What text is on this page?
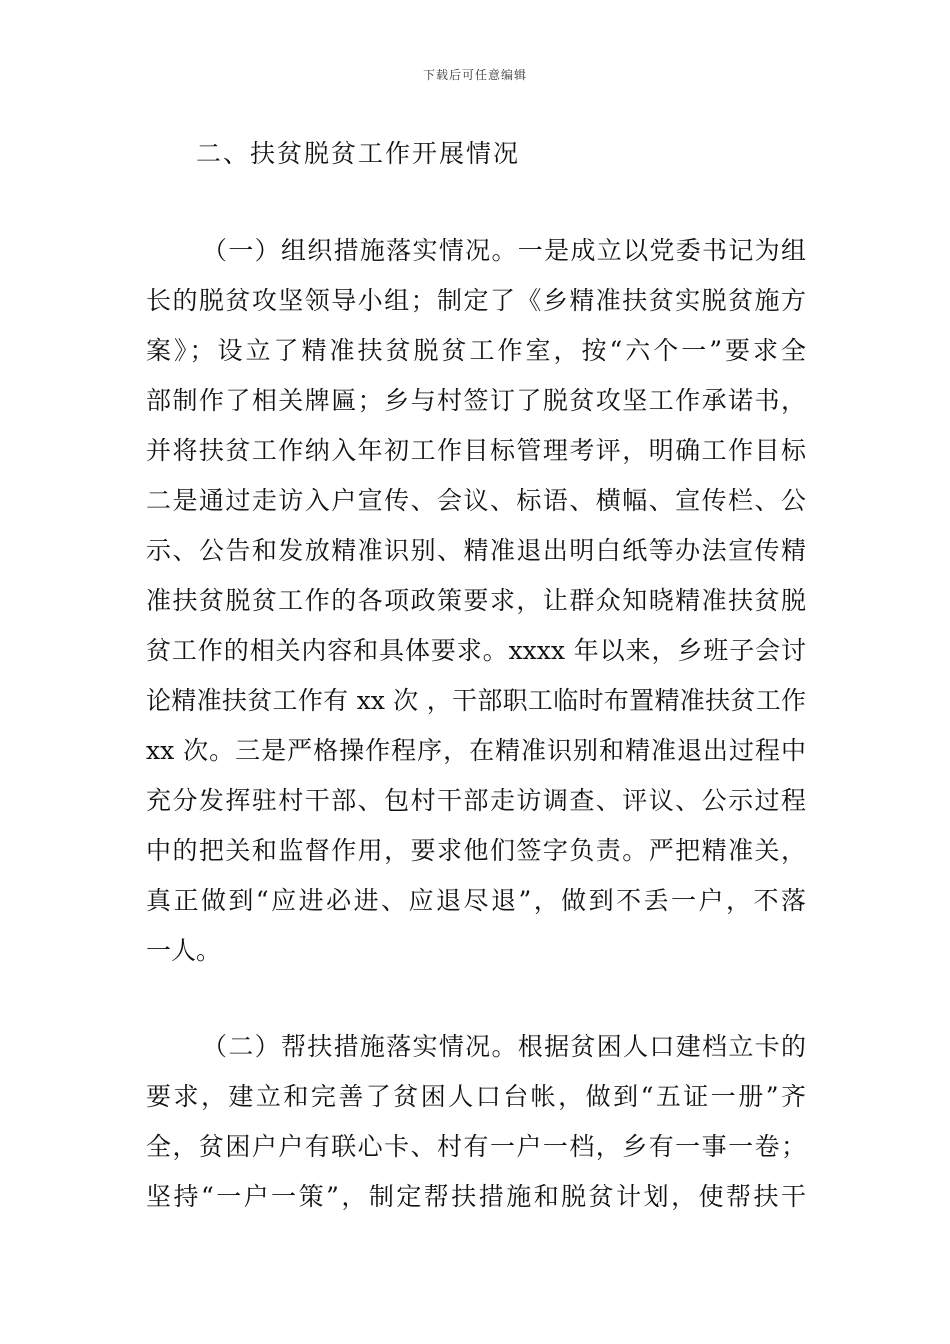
下载后可任意编辑
二、扶贫脱贫工作开展情况
（一）组织措施落实情况。一是成立以党委书记为组
长的脱贫攻坚领导小组；制定了《乡精准扶贫实脱贫施方
案》；设立了精准扶贫脱贫工作室，按“六个一”要求全
部制作了相关牌匾；乡与村签订了脱贫攻坚工作承诺书，
并将扶贫工作纳入年初工作目标管理考评，明确工作目标
二是通过走访入户宣传、会议、标语、横幅、宣传栏、公
示、公告和发放精准识别、精准退出明白纸等办法宣传精
准扶贫脱贫工作的各项政策要求，让群众知晓精准扶贫脱
贫工作的相关内容和具体要求。xxxx 年以来，乡班子会讨
论精准扶贫工作有 xx 次 ，干部职工临时布置精准扶贫工作
xx 次。三是严格操作程序，在精准识别和精准退出过程中
充分发挥驻村干部、包村干部走访调查、评议、公示过程
中的把关和监督作用，要求他们签字负责。严把精准关，
真正做到“应进必进、应退尽退”，做到不丢一户，不落
一人。
（二）帮扶措施落实情况。根据贫困人口建档立卡的
要求，建立和完善了贫困人口台帐，做到“五证一册”齐
全，贫困户户有联心卡、村有一户一档，乡有一事一卷；
坚持“一户一策”，制定帮扶措施和脱贫计划，使帮扶干
